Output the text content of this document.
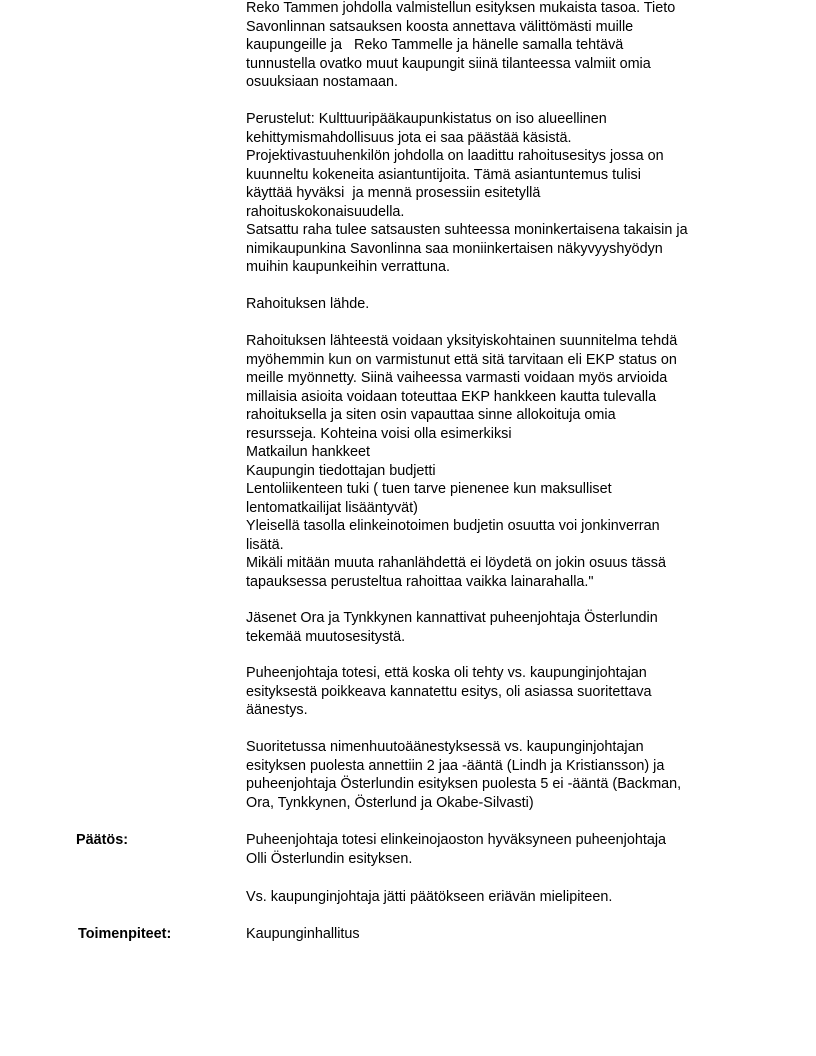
Reko Tammen johdolla valmistellun esityksen mukaista tasoa. Tieto
Savonlinnan satsauksen koosta annettava välittömästi muille
kaupungeille ja   Reko Tammelle ja hänelle samalla tehtävä
tunnustella ovatko muut kaupungit siinä tilanteessa valmiit omia
osuuksiaan nostamaan.
Perustelut: Kulttuuripääkaupunkistatus on iso alueellinen
kehittymismahdollisuus jota ei saa päästää käsistä.
Projektivastuuhenkilön johdolla on laadittu rahoitusesitys jossa on
kuunneltu kokeneita asiantuntijoita. Tämä asiantuntemus tulisi
käyttää hyväksi  ja mennä prosessiin esitetyllä
rahoituskokonaisuudella.
Satsattu raha tulee satsausten suhteessa moninkertaisena takaisin ja
nimikaupunkina Savonlinna saa moniinkertaisen näkyvyyshyödyn
muihin kaupunkeihin verrattuna.
Rahoituksen lähde.
Rahoituksen lähteestä voidaan yksityiskohtainen suunnitelma tehdä
myöhemmin kun on varmistunut että sitä tarvitaan eli EKP status on
meille myönnetty. Siinä vaiheessa varmasti voidaan myös arvioida
millaisia asioita voidaan toteuttaa EKP hankkeen kautta tulevalla
rahoituksella ja siten osin vapauttaa sinne allokoituja omia
resursseja. Kohteina voisi olla esimerkiksi
Matkailun hankkeet
Kaupungin tiedottajan budjetti
Lentoliikenteen tuki ( tuen tarve pienenee kun maksulliset
lentomatkailijat lisääntyvät)
Yleisellä tasolla elinkeinotoimen budjetin osuutta voi jonkinverran
lisätä.
Mikäli mitään muuta rahanlähdettä ei löydetä on jokin osuus tässä
tapauksessa perusteltua rahoittaa vaikka lainarahalla."
Jäsenet Ora ja Tynkkynen kannattivat puheenjohtaja Österlundin
tekemää muutosesitystä.
Puheenjohtaja totesi, että koska oli tehty vs. kaupunginjohtajan
esityksestä poikkeava kannatettu esitys, oli asiassa suoritettava
äänestys.
Suoritetussa nimenhuutoäänestyksessä vs. kaupunginjohtajan
esityksen puolesta annettiin 2 jaa -ääntä (Lindh ja Kristiansson) ja
puheenjohtaja Österlundin esityksen puolesta 5 ei -ääntä (Backman,
Ora, Tynkkynen, Österlund ja Okabe-Silvasti)
Päätös:	Puheenjohtaja totesi elinkeinojaoston hyväksyneen puheenjohtaja
Olli Österlundin esityksen.
Vs. kaupunginjohtaja jätti päätökseen eriävän mielipiteen.
Toimenpiteet:	Kaupunginhallitus
